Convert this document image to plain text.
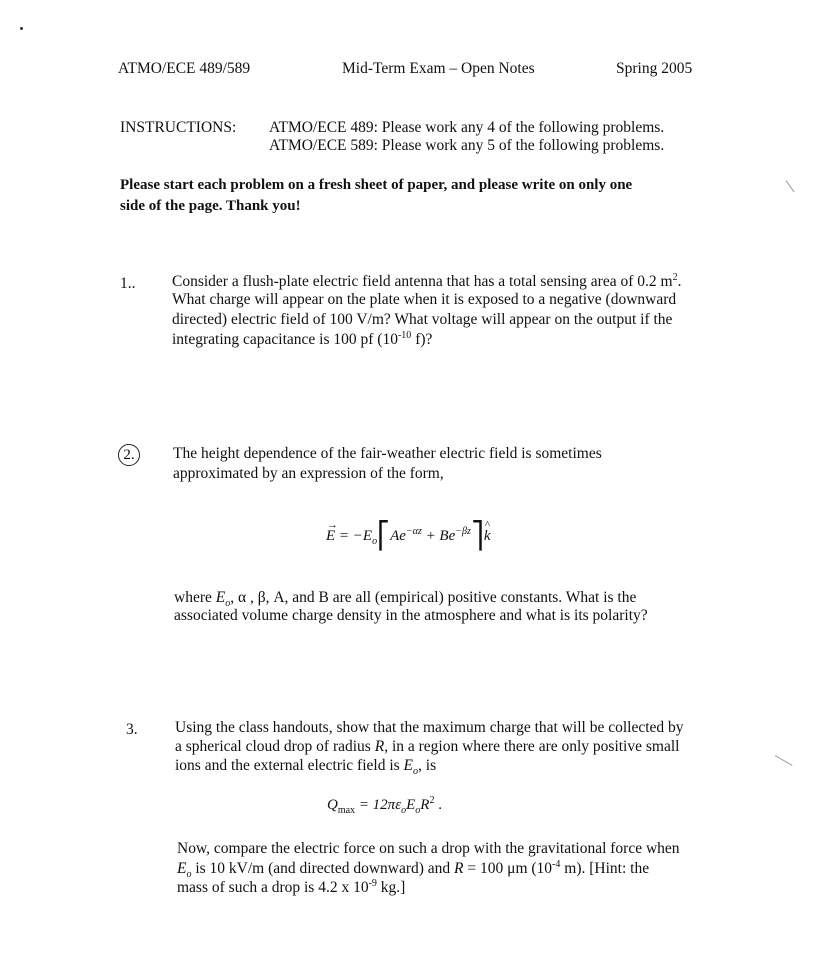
ATMO/ECE 489/589	Mid-Term Exam – Open Notes	Spring 2005
INSTRUCTIONS: ATMO/ECE 489: Please work any 4 of the following problems.
ATMO/ECE 589: Please work any 5 of the following problems.
Please start each problem on a fresh sheet of paper, and please write on only one
side of the page. Thank you!
1.. Consider a flush-plate electric field antenna that has a total sensing area of 0.2 $m^2$.
What charge will appear on the plate when it is exposed to a negative (downward
directed) electric field of 100 V/m? What voltage will appear on the output if the
integrating capacitance is 100 pf ($10^{-10}$ f)?
2.	The height dependence of the fair-weather electric field is sometimes
approximated by an expression of the form,
→
$E = -E_o⎡Ae^{-\alpha z}$ + $Be^{-\beta z}⎤$ ^
k
where $E_o$, α , β, A, and B are all (empirical) positive constants. What is the
associated volume charge density in the atmosphere and what is its polarity?
3. Using the class handouts, show that the maximum charge that will be collected by
a spherical cloud drop of radius R, in a region where there are only positive small
ions and the external electric field is $E_o$, is
$Q_{max} = 12\pi\varepsilon_oE_oR^2$ .
Now, compare the electric force on such a drop with the gravitational force when
$E_o$ is 10 kV/m (and directed downward) and R = 100 μm ($10^{-4}$ m). [Hint: the
mass of such a drop is 4.2 x $10^{-9}$ kg.]
